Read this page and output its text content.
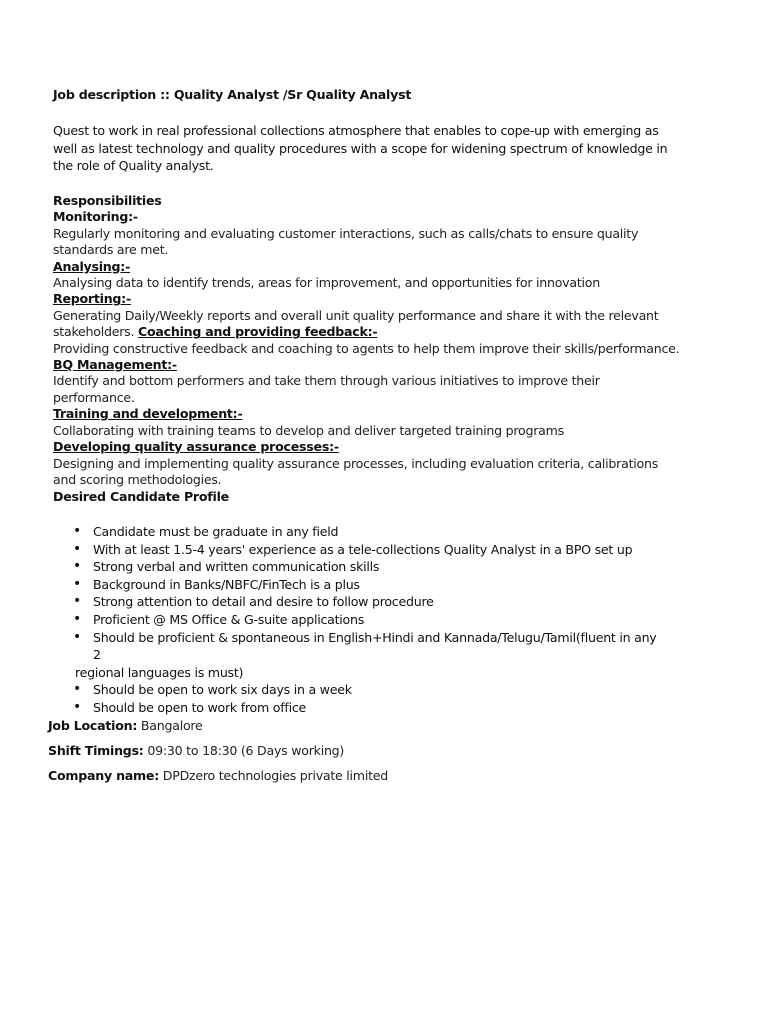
Job description :: Quality Analyst /Sr Quality Analyst
Quest to work in real professional collections atmosphere that enables to cope-up with emerging as well as latest technology and quality procedures with a scope for widening spectrum of knowledge in the role of Quality analyst.
Responsibilities
Monitoring:-
Regularly monitoring and evaluating customer interactions, such as calls/chats to ensure quality standards are met.
Analysing:-
Analysing data to identify trends, areas for improvement, and opportunities for innovation
Reporting:-
Generating Daily/Weekly reports and overall unit quality performance and share it with the relevant stakeholders. Coaching and providing feedback:-
Providing constructive feedback and coaching to agents to help them improve their skills/performance.
BQ Management:-
Identify and bottom performers and take them through various initiatives to improve their performance.
Training and development:-
Collaborating with training teams to develop and deliver targeted training programs
Developing quality assurance processes:-
Designing and implementing quality assurance processes, including evaluation criteria, calibrations and scoring methodologies.
Desired Candidate Profile
• Candidate must be graduate in any field
• With at least 1.5-4 years' experience as a tele-collections Quality Analyst in a BPO set up
• Strong verbal and written communication skills
• Background in Banks/NBFC/FinTech is a plus
• Strong attention to detail and desire to follow procedure
• Proficient @ MS Office & G-suite applications
• Should be proficient & spontaneous in English+Hindi and Kannada/Telugu/Tamil(fluent in any 2
regional languages is must)
• Should be open to work six days in a week
• Should be open to work from office
Job Location: Bangalore
Shift Timings: 09:30 to 18:30 (6 Days working)
Company name: DPDzero technologies private limited
